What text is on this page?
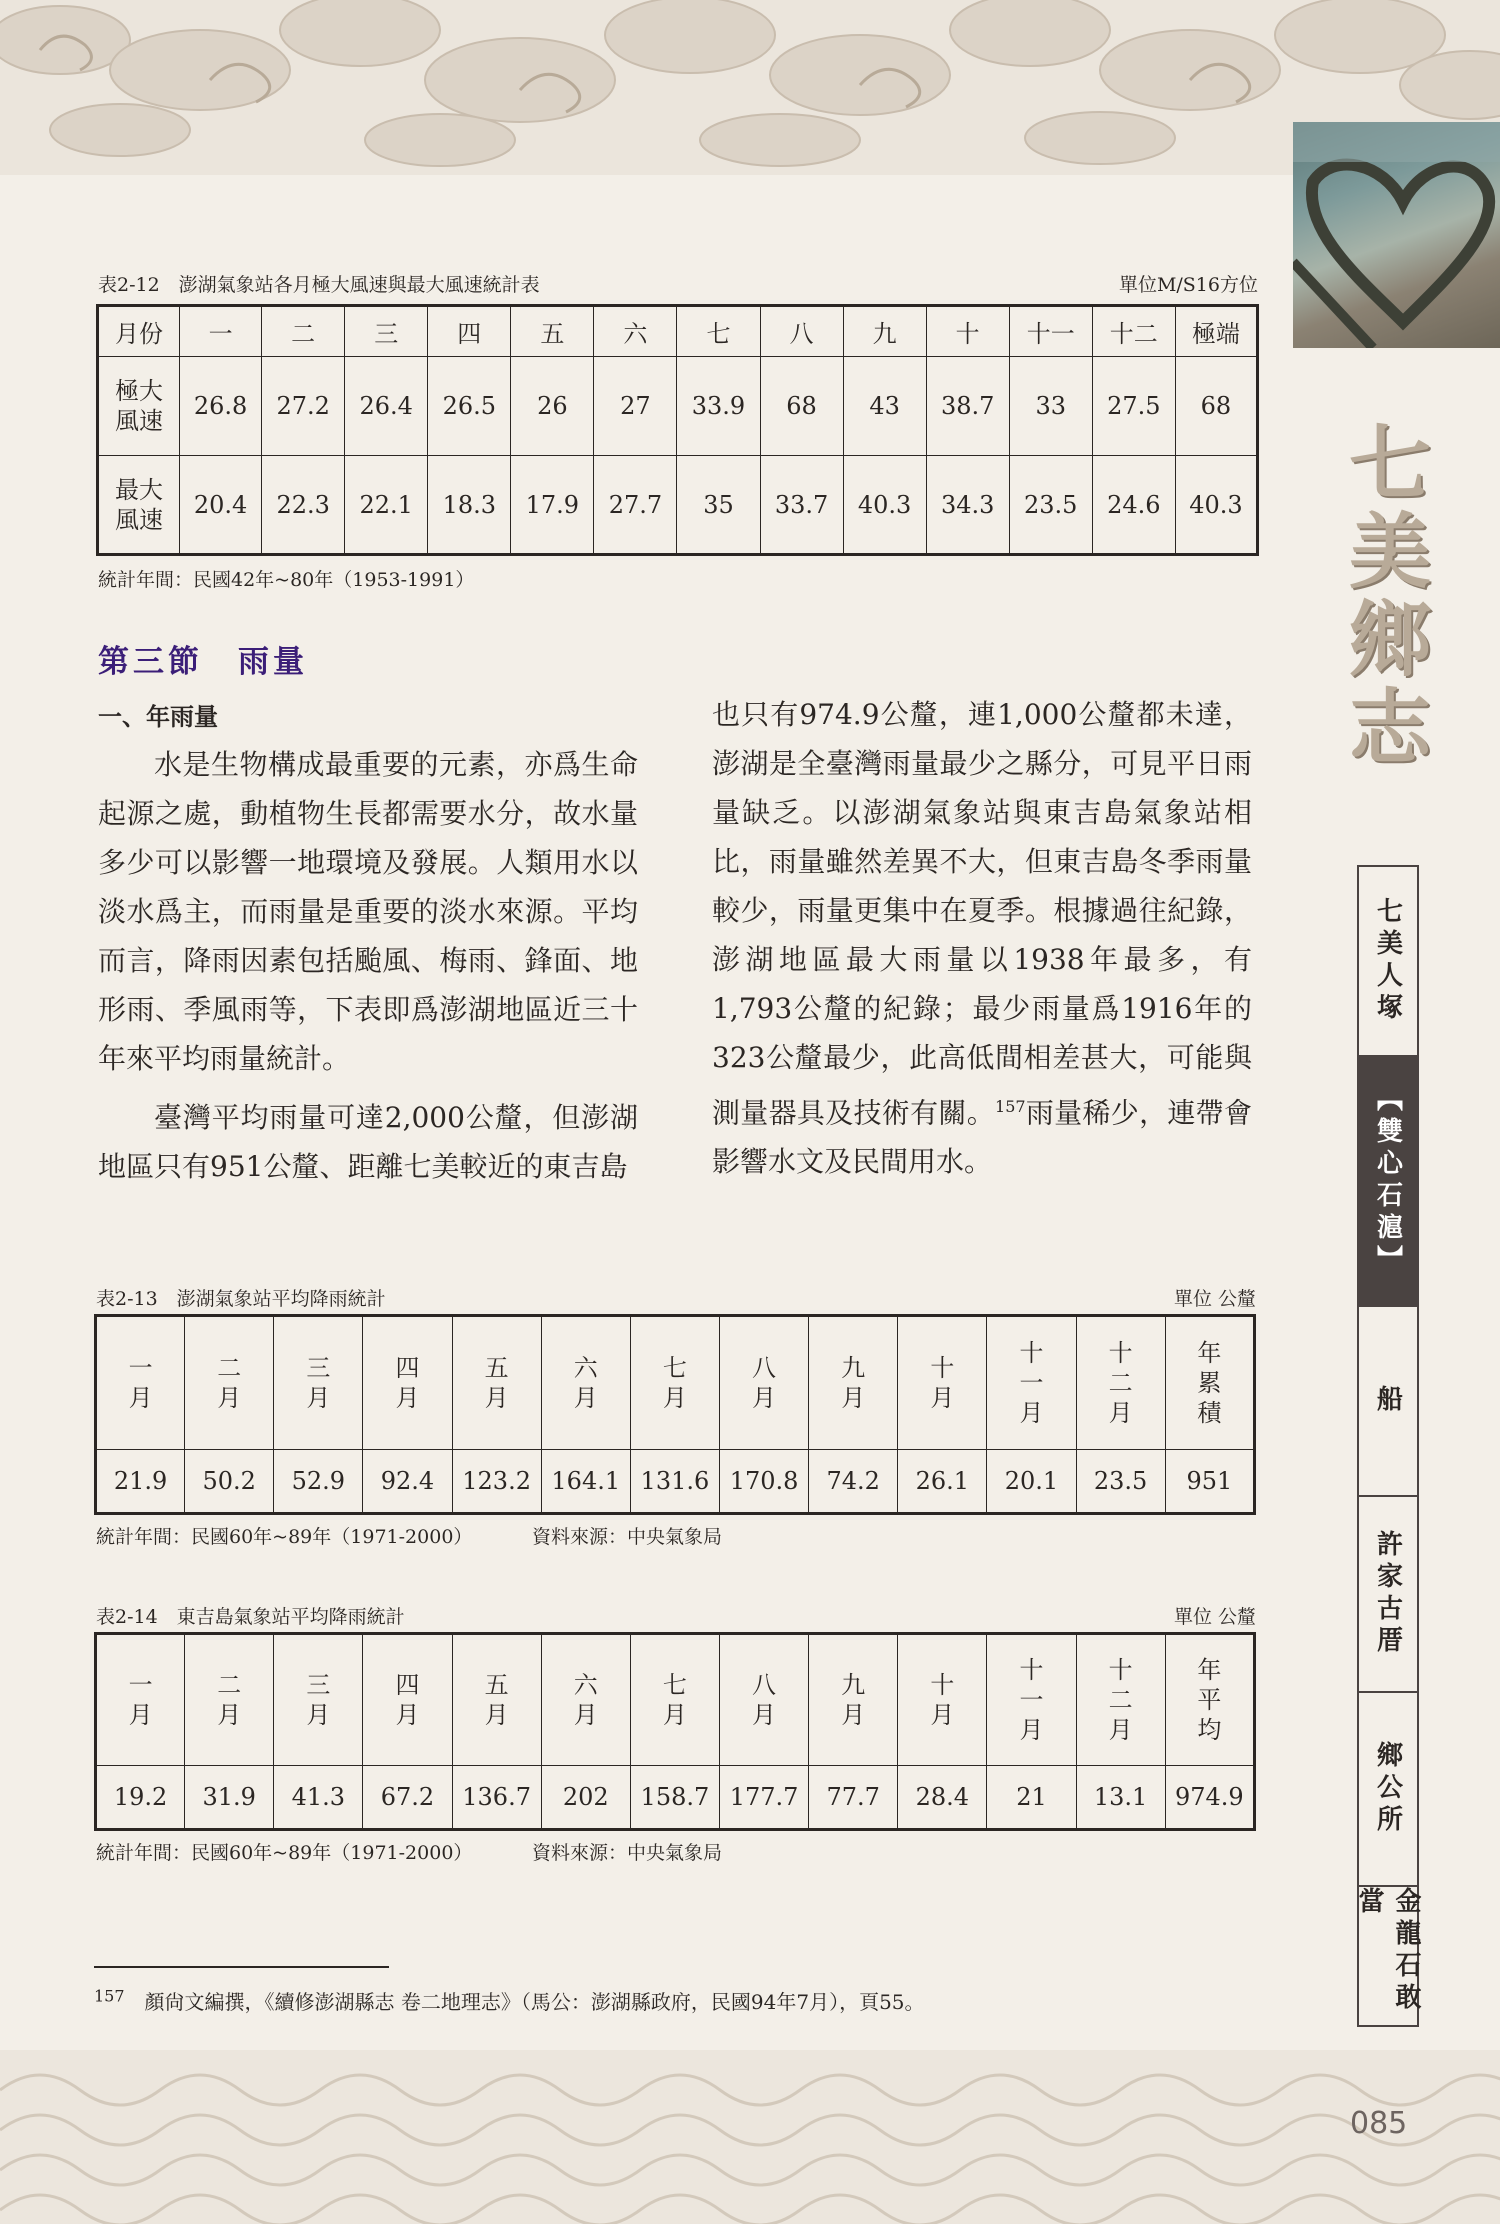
七美鄉志
表2-12　澎湖氣象站各月極大風速與最大風速統計表	單位M/S16方位
月份	一	二	三	四	五	六	七	八	九	十	十一	十二	極端
極大風速	26.8	27.2	26.4	26.5	26	27	33.9	68	43	38.7	33	27.5	68
最大風速	20.4	22.3	22.1	18.3	17.9	27.7	35	33.7	40.3	34.3	23.5	24.6	40.3
統計年間：民國42年~80年（1953-1991）
第三節　雨量
一、年雨量

水是生物構成最重要的元素，亦爲生命起源之處，動植物生長都需要水分，故水量多少可以影響一地環境及發展。人類用水以淡水爲主，而雨量是重要的淡水來源。平均而言，降雨因素包括颱風、梅雨、鋒面、地形雨、季風雨等，下表即爲澎湖地區近三十年來平均雨量統計。

臺灣平均雨量可達2,000公釐，但澎湖地區只有951公釐、距離七美較近的東吉島

也只有974.9公釐，連1,000公釐都未達，澎湖是全臺灣雨量最少之縣分，可見平日雨量缺乏。以澎湖氣象站與東吉島氣象站相比，雨量雖然差異不大，但東吉島冬季雨量較少，雨量更集中在夏季。根據過往紀錄，澎湖地區最大雨量以1938年最多，有1,793公釐的紀錄；最少雨量爲1916年的323公釐最少，此高低間相差甚大，可能與測量器具及技術有關。$^{157}$雨量稀少，連帶會影響水文及民間用水。

表2-13　澎湖氣象站平均降雨統計	單位 公釐
一月	二月	三月	四月	五月	六月	七月	八月	九月	十月	十一月	十二月	年累積
21.9	50.2	52.9	92.4	123.2	164.1	131.6	170.8	74.2	26.1	20.1	23.5	951
統計年間：民國60年~89年（1971-2000）	資料來源：中央氣象局
表2-14　東吉島氣象站平均降雨統計	單位 公釐
一月	二月	三月	四月	五月	六月	七月	八月	九月	十月	十一月	十二月	年平均
19.2	31.9	41.3	67.2	136.7	202	158.7	177.7	77.7	28.4	21	13.1	974.9
統計年間：民國60年~89年（1971-2000）	資料來源：中央氣象局
$^{157}$　 顏尙文編撰，《續修澎湖縣志 卷二地理志》（馬公：澎湖縣政府，民國94年7月），頁55。
七美人塚
【雙心石滬】
船
許家古厝
鄉公所
金龍石敢當
085
